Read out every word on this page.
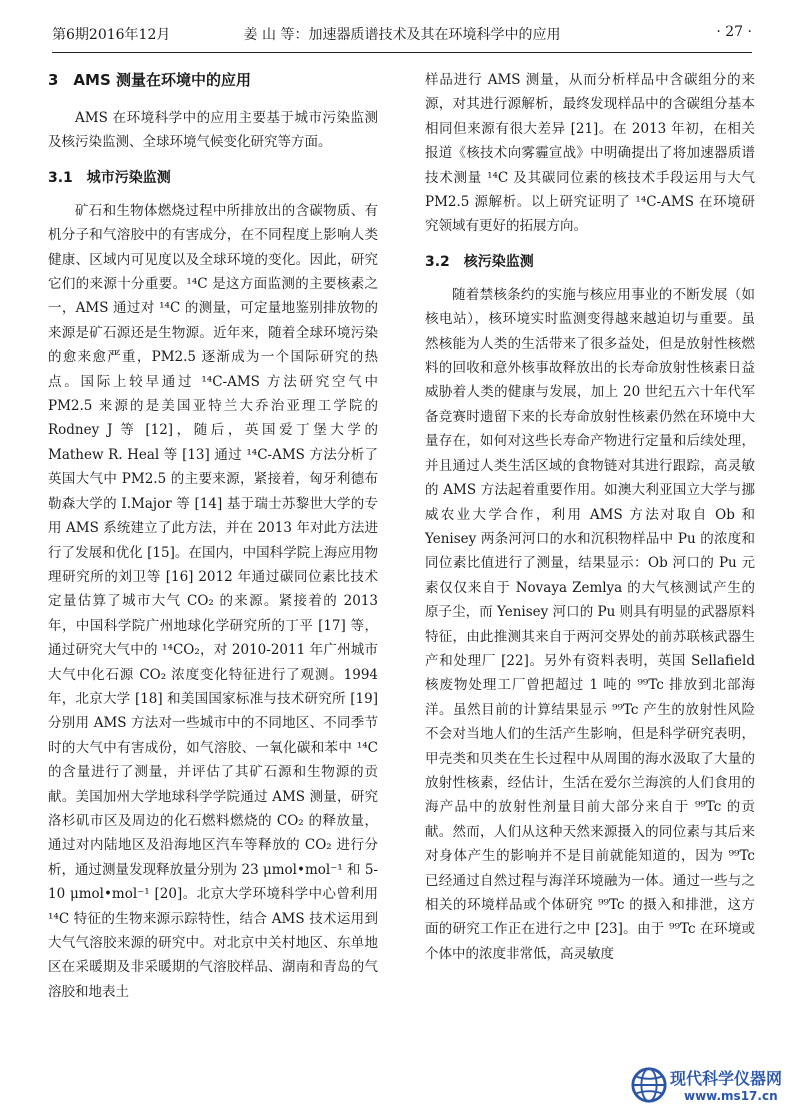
第6期2016年12月	姜 山 等：加速器质谱技术及其在环境科学中的应用	· 27 ·
3　AMS 测量在环境中的应用

AMS 在环境科学中的应用主要基于城市污染监测及核污染监测、全球环境气候变化研究等方面。

3.1　城市污染监测

矿石和生物体燃烧过程中所排放出的含碳物质、有机分子和气溶胶中的有害成分，在不同程度上影响人类健康、区域内可见度以及全球环境的变化。因此，研究它们的来源十分重要。¹⁴C 是这方面监测的主要核素之一，AMS 通过对 ¹⁴C 的测量，可定量地鉴别排放物的来源是矿石源还是生物源。近年来，随着全球环境污染的愈来愈严重，PM2.5 逐渐成为一个国际研究的热点。国际上较早通过 ¹⁴C-AMS 方法研究空气中 PM2.5 来源的是美国亚特兰大乔治亚理工学院的 Rodney J 等 [12]，随后，英国爱丁堡大学的 Mathew R. Heal 等 [13] 通过 ¹⁴C-AMS 方法分析了英国大气中 PM2.5 的主要来源，紧接着，匈牙利德布勒森大学的 I.Major 等 [14] 基于瑞士苏黎世大学的专用 AMS 系统建立了此方法，并在 2013 年对此方法进行了发展和优化 [15]。在国内，中国科学院上海应用物理研究所的刘卫等 [16] 2012 年通过碳同位素比技术定量估算了城市大气 CO₂ 的来源。紧接着的 2013 年，中国科学院广州地球化学研究所的丁平 [17] 等，通过研究大气中的 ¹⁴CO₂，对 2010-2011 年广州城市大气中化石源 CO₂ 浓度变化特征进行了观测。1994 年，北京大学 [18] 和美国国家标准与技术研究所 [19] 分别用 AMS 方法对一些城市中的不同地区、不同季节时的大气中有害成份，如气溶胶、一氧化碳和苯中 ¹⁴C 的含量进行了测量，并评估了其矿石源和生物源的贡献。美国加州大学地球科学学院通过 AMS 测量，研究洛杉矶市区及周边的化石燃料燃烧的 CO₂ 的释放量，通过对内陆地区及沿海地区汽车等释放的 CO₂ 进行分析，通过测量发现释放量分别为 23 μmol•mol⁻¹ 和 5-10 μmol•mol⁻¹ [20]。北京大学环境科学中心曾利用 ¹⁴C 特征的生物来源示踪特性，结合 AMS 技术运用到大气气溶胶来源的研究中。对北京中关村地区、东单地区在采暖期及非采暖期的气溶胶样品、湖南和青岛的气溶胶和地表土

样品进行 AMS 测量，从而分析样品中含碳组分的来源，对其进行源解析，最终发现样品中的含碳组分基本相同但来源有很大差异 [21]。在 2013 年初，在相关报道《核技术向雾霾宣战》中明确提出了将加速器质谱技术测量 ¹⁴C 及其碳同位素的核技术手段运用与大气 PM2.5 源解析。以上研究证明了 ¹⁴C-AMS 在环境研究领域有更好的拓展方向。

3.2　核污染监测

随着禁核条约的实施与核应用事业的不断发展（如核电站），核环境实时监测变得越来越迫切与重要。虽然核能为人类的生活带来了很多益处，但是放射性核燃料的回收和意外核事故释放出的长寿命放射性核素日益威胁着人类的健康与发展，加上 20 世纪五六十年代军备竞赛时遗留下来的长寿命放射性核素仍然在环境中大量存在，如何对这些长寿命产物进行定量和后续处理，并且通过人类生活区域的食物链对其进行跟踪，高灵敏的 AMS 方法起着重要作用。如澳大利亚国立大学与挪威农业大学合作，利用 AMS 方法对取自 Ob 和 Yenisey 两条河河口的水和沉积物样品中 Pu 的浓度和同位素比值进行了测量，结果显示：Ob 河口的 Pu 元素仅仅来自于 Novaya Zemlya 的大气核测试产生的原子尘，而 Yenisey 河口的 Pu 则具有明显的武器原料特征，由此推测其来自于两河交界处的前苏联核武器生产和处理厂 [22]。另外有资料表明，英国 Sellafield 核废物处理工厂曾把超过 1 吨的 ⁹⁹Tc 排放到北部海洋。虽然目前的计算结果显示 ⁹⁹Tc 产生的放射性风险不会对当地人们的生活产生影响，但是科学研究表明，甲壳类和贝类在生长过程中从周围的海水汲取了大量的放射性核素，经估计，生活在爱尔兰海滨的人们食用的海产品中的放射性剂量目前大部分来自于 ⁹⁹Tc 的贡献。然而，人们从这种天然来源摄入的同位素与其后来对身体产生的影响并不是目前就能知道的，因为 ⁹⁹Tc 已经通过自然过程与海洋环境融为一体。通过一些与之相关的环境样品或个体研究 ⁹⁹Tc 的摄入和排泄，这方面的研究工作正在进行之中 [23]。由于 ⁹⁹Tc 在环境或个体中的浓度非常低，高灵敏度

现代科学仪器网
www.ms17.cn
